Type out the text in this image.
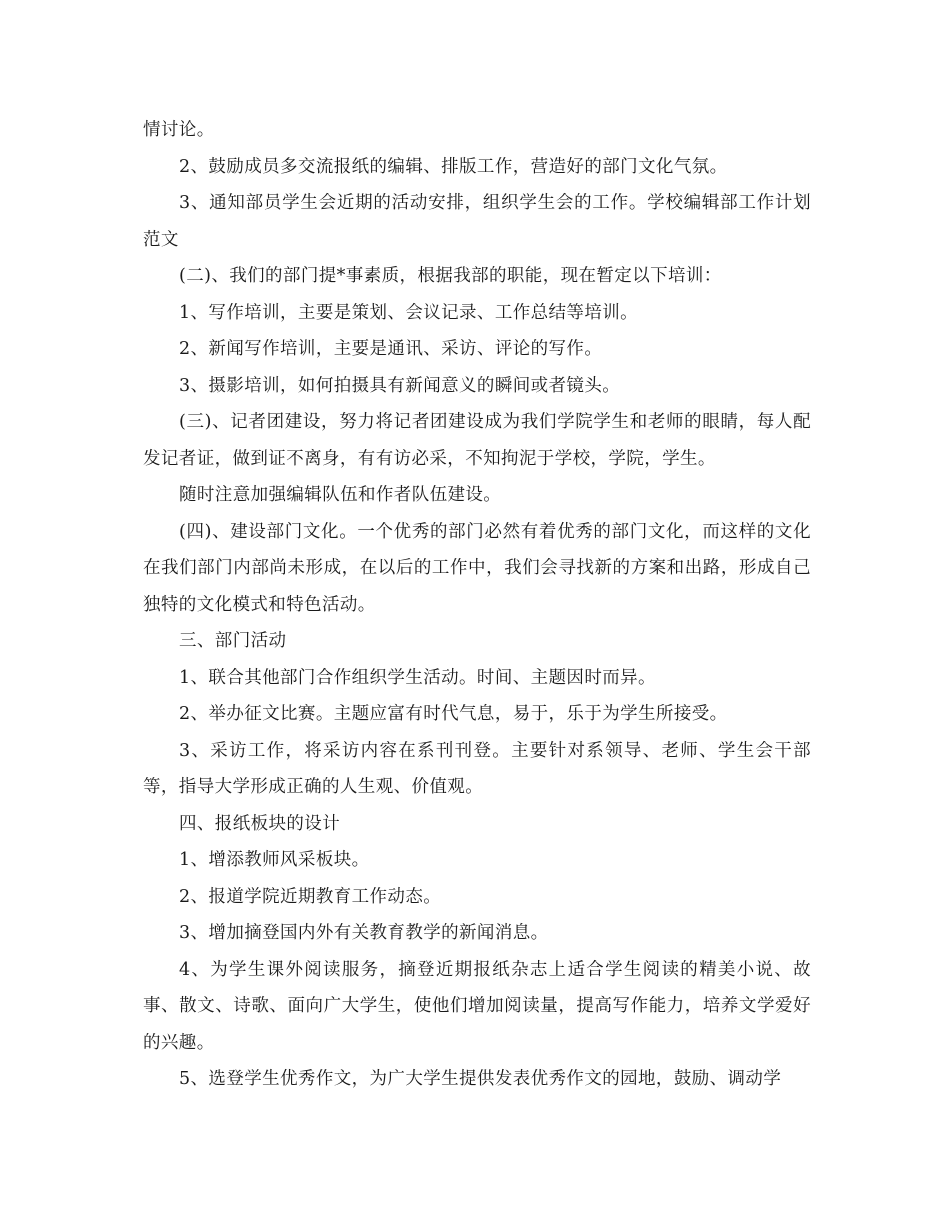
情讨论。

2、鼓励成员多交流报纸的编辑、排版工作，营造好的部门文化气氛。

3、通知部员学生会近期的活动安排，组织学生会的工作。学校编辑部工作计划范文

(二)、我们的部门提*事素质，根据我部的职能，现在暂定以下培训：

1、写作培训，主要是策划、会议记录、工作总结等培训。

2、新闻写作培训，主要是通讯、采访、评论的写作。

3、摄影培训，如何拍摄具有新闻意义的瞬间或者镜头。

(三)、记者团建设，努力将记者团建设成为我们学院学生和老师的眼睛，每人配发记者证，做到证不离身，有有访必采，不知拘泥于学校，学院，学生。

随时注意加强编辑队伍和作者队伍建设。

(四)、建设部门文化。一个优秀的部门必然有着优秀的部门文化，而这样的文化在我们部门内部尚未形成，在以后的工作中，我们会寻找新的方案和出路，形成自己独特的文化模式和特色活动。

三、部门活动

1、联合其他部门合作组织学生活动。时间、主题因时而异。

2、举办征文比赛。主题应富有时代气息，易于，乐于为学生所接受。

3、采访工作，将采访内容在系刊刊登。主要针对系领导、老师、学生会干部等，指导大学形成正确的人生观、价值观。

四、报纸板块的设计

1、增添教师风采板块。

2、报道学院近期教育工作动态。

3、增加摘登国内外有关教育教学的新闻消息。

4、为学生课外阅读服务，摘登近期报纸杂志上适合学生阅读的精美小说、故事、散文、诗歌、面向广大学生，使他们增加阅读量，提高写作能力，培养文学爱好的兴趣。

5、选登学生优秀作文，为广大学生提供发表优秀作文的园地，鼓励、调动学
